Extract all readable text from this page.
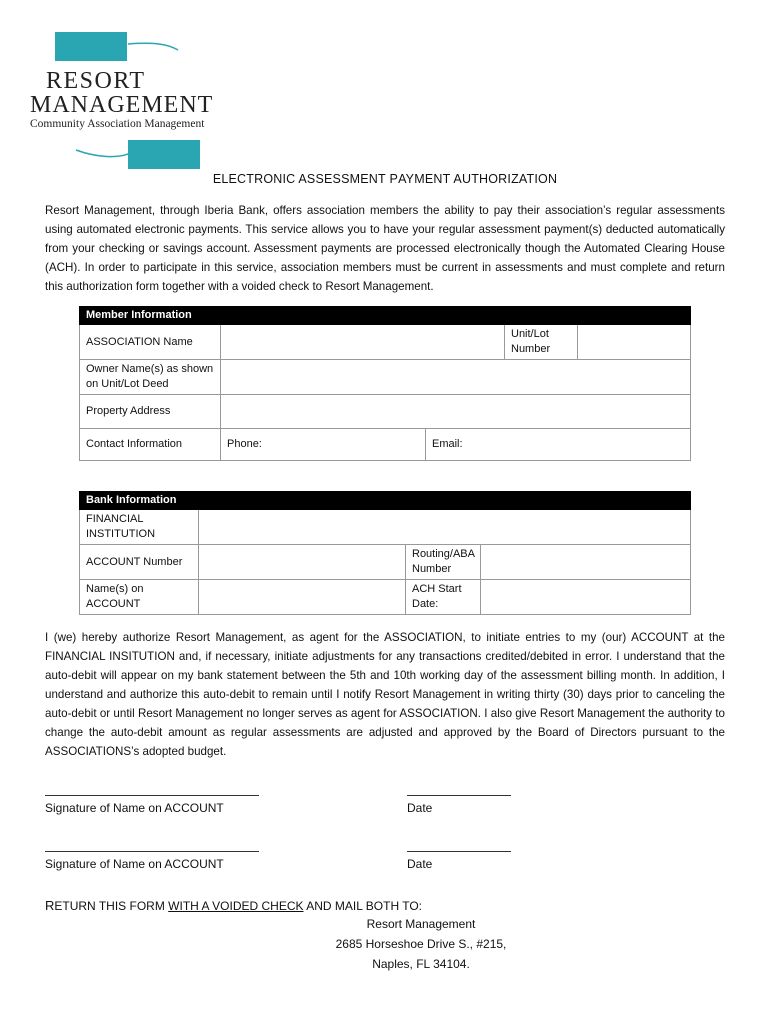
RESORT
MANAGEMENT
Community Association Management
ELECTRONIC ASSESSMENT PAYMENT AUTHORIZATION
Resort Management, through Iberia Bank, offers association members the ability to pay their association’s regular assessments using automated electronic payments. This service allows you to have your regular assessment payment(s) deducted automatically from your checking or savings account. Assessment payments are processed electronically though the Automated Clearing House (ACH). In order to participate in this service, association members must be current in assessments and must complete and return this authorization form together with a voided check to Resort Management.
Member Information				
ASSOCIATION Name			Unit/Lot Number	
Owner Name(s) as shown on Unit/Lot Deed				
Property Address				
Contact Information	Phone:	Email:		
Bank Information			
FINANCIAL INSTITUTION			
ACCOUNT Number		Routing/ABA Number	
Name(s) on ACCOUNT		ACH Start Date:	
I (we) hereby authorize Resort Management, as agent for the ASSOCIATION, to initiate entries to my (our) ACCOUNT at the FINANCIAL INSITUTION and, if necessary, initiate adjustments for any transactions credited/debited in error. I understand that the auto-debit will appear on my bank statement between the 5th and 10th working day of the assessment billing month. In addition, I understand and authorize this auto-debit to remain until I notify Resort Management in writing thirty (30) days prior to canceling the auto-debit or until Resort Management no longer serves as agent for ASSOCIATION. I also give Resort Management the authority to change the auto-debit amount as regular assessments are adjusted and approved by the Board of Directors pursuant to the ASSOCIATIONS’s adopted budget.
Signature of Name on ACCOUNT	Date
Signature of Name on ACCOUNT	Date
RETURN THIS FORM WITH A VOIDED CHECK AND MAIL BOTH TO:
Resort Management
2685 Horseshoe Drive S., #215,
Naples, FL 34104.
